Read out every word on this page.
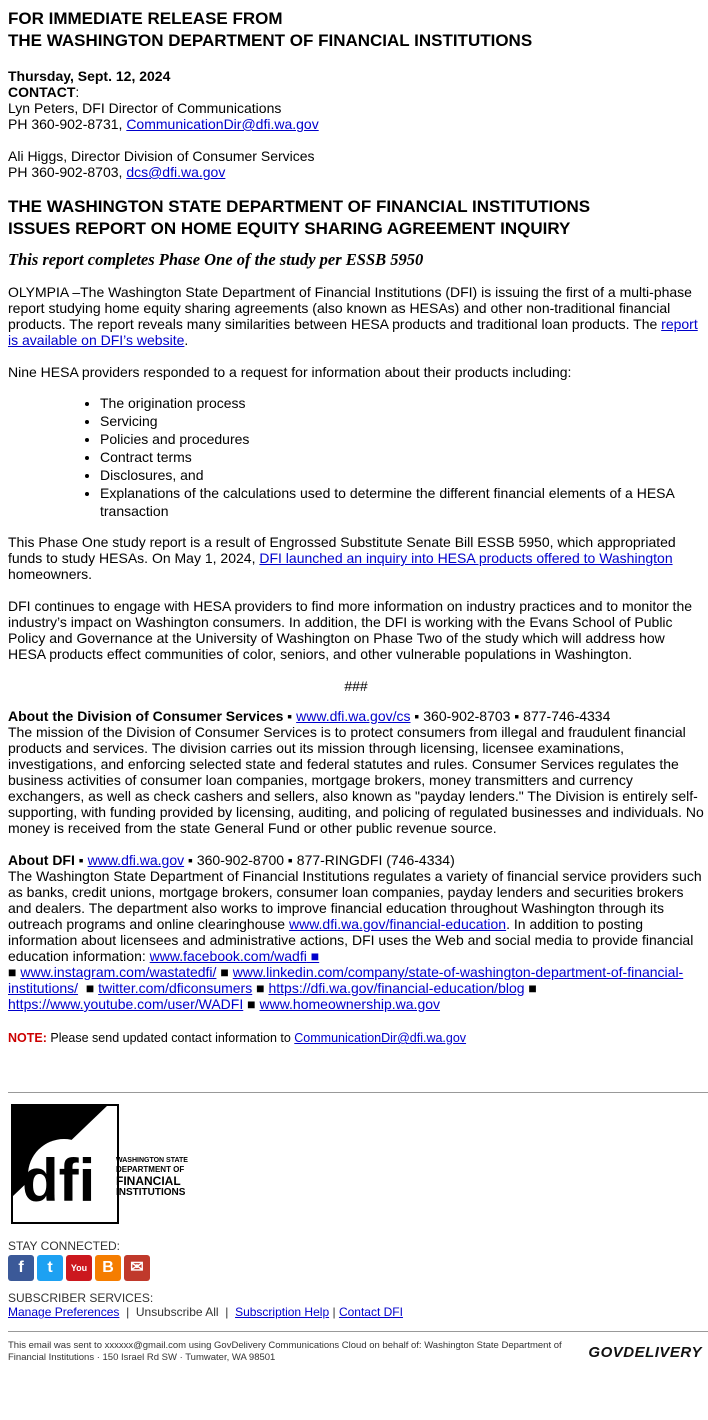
FOR IMMEDIATE RELEASE FROM

THE WASHINGTON DEPARTMENT OF FINANCIAL INSTITUTIONS

Thursday, Sept. 12, 2024

CONTACT:

Lyn Peters, DFI Director of Communications

PH 360-902-8731, CommunicationDir@dfi.wa.gov

Ali Higgs, Director Division of Consumer Services

PH 360-902-8703, dcs@dfi.wa.gov

THE WASHINGTON STATE DEPARTMENT OF FINANCIAL INSTITUTIONS

ISSUES REPORT ON HOME EQUITY SHARING AGREEMENT INQUIRY

This report completes Phase One of the study per ESSB 5950

OLYMPIA –The Washington State Department of Financial Institutions (DFI) is issuing the first of a multi-phase report studying home equity sharing agreements (also known as HESAs) and other non-traditional financial products. The report reveals many similarities between HESA products and traditional loan products. The report is available on DFI’s website.

Nine HESA providers responded to a request for information about their products including:

• The origination process
• Servicing
• Policies and procedures
• Contract terms
• Disclosures, and
• Explanations of the calculations used to determine the different financial elements of a HESA transaction

This Phase One study report is a result of Engrossed Substitute Senate Bill ESSB 5950, which appropriated funds to study HESAs. On May 1, 2024, DFI launched an inquiry into HESA products offered to Washington homeowners.

DFI continues to engage with HESA providers to find more information on industry practices and to monitor the industry’s impact on Washington consumers. In addition, the DFI is working with the Evans School of Public Policy and Governance at the University of Washington on Phase Two of the study which will address how HESA products effect communities of color, seniors, and other vulnerable populations in Washington.

###

About the Division of Consumer Services ▪ www.dfi.wa.gov/cs ▪ 360-902-8703 ▪ 877-746-4334

The mission of the Division of Consumer Services is to protect consumers from illegal and fraudulent financial products and services. The division carries out its mission through licensing, licensee examinations, investigations, and enforcing selected state and federal statutes and rules. Consumer Services regulates the business activities of consumer loan companies, mortgage brokers, money transmitters and currency exchangers, as well as check cashers and sellers, also known as "payday lenders." The Division is entirely self-supporting, with funding provided by licensing, auditing, and policing of regulated businesses and individuals. No money is received from the state General Fund or other public revenue source.

About DFI ▪ www.dfi.wa.gov ▪ 360-902-8700 ▪ 877-RINGDFI (746-4334)

The Washington State Department of Financial Institutions regulates a variety of financial service providers such as banks, credit unions, mortgage brokers, consumer loan companies, payday lenders and securities brokers and dealers. The department also works to improve financial education throughout Washington through its outreach programs and online clearinghouse www.dfi.wa.gov/financial-education. In addition to posting information about licensees and administrative actions, DFI uses the Web and social media to provide financial education information: www.facebook.com/wadfi ■
■ www.instagram.com/wastatedfi/ ■ www.linkedin.com/company/state-of-washington-department-of-financial-institutions/  ■ twitter.com/dficonsumers ■ https://dfi.wa.gov/financial-education/blog ■ https://www.youtube.com/user/WADFI ■ www.homeownership.wa.gov

NOTE: Please send updated contact information to CommunicationDir@dfi.wa.gov

dfi	WASHINGTON STATE
DEPARTMENT OF
FINANCIAL
INSTITUTIONS
STAY CONNECTED:
f t You B ✉
SUBSCRIBER SERVICES:
Manage Preferences | Unsubscribe All | Subscription Help | Contact DFI
This email was sent to xxxxxx@gmail.com using GovDelivery Communications Cloud on behalf of: Washington State Department of Financial Institutions · 150 Israel Rd SW · Tumwater, WA 98501	GOVDELIVERY
